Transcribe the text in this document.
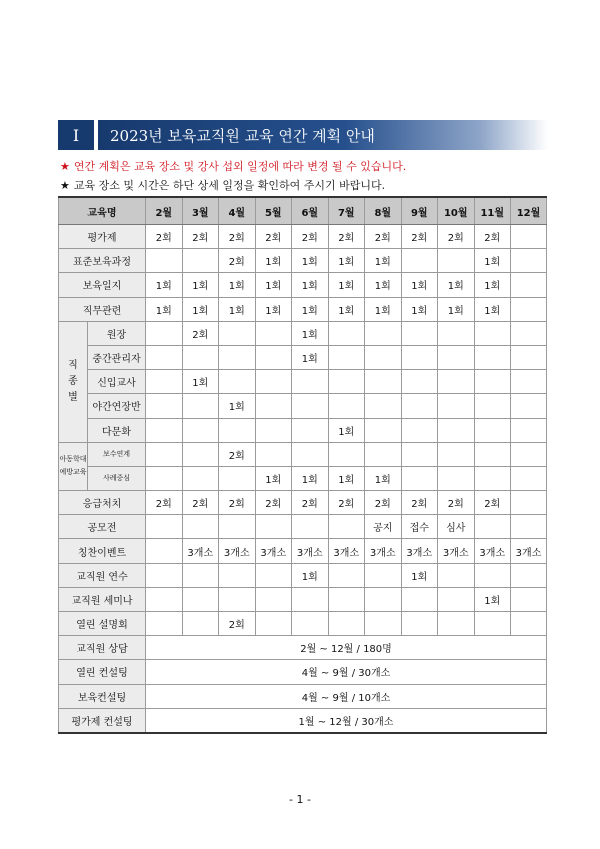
Ⅰ	2023년 보육교직원 교육 연간 계획 안내
★ 연간 계획은 교육 장소 및 강사 섭외 일정에 따라 변경 될 수 있습니다.
★ 교육 장소 및 시간은 하단 상세 일정을 확인하여 주시기 바랍니다.
교육명		2월	3월	4월	5월	6월	7월	8월	9월	10월	11월	12월
평가제		2회	2회	2회	2회	2회	2회	2회	2회	2회	2회	
표준보육과정				2회	1회	1회	1회	1회			1회	
보육일지		1회	1회	1회	1회	1회	1회	1회	1회	1회	1회	
직무관련		1회	1회	1회	1회	1회	1회	1회	1회	1회	1회	
직
종
별	원장		2회			1회						
	중간관리자					1회						
	신입교사		1회									
	야간연장반			1회								
	다문화						1회					
아동학대
예방교육	보수연계			2회								
	사례중심				1회	1회	1회	1회				
응급처치		2회	2회	2회	2회	2회	2회	2회	2회	2회	2회	
공모전								공지	접수	심사		
칭찬이벤트			3개소	3개소	3개소	3개소	3개소	3개소	3개소	3개소	3개소	3개소
교직원 연수						1회			1회			
교직원 세미나											1회	
열린 설명회				2회								
교직원 상담		2월 ~ 12월 / 180명										
열린 컨설팅		4월 ~ 9월 / 30개소										
보육컨설팅		4월 ~ 9월 / 10개소										
평가제 컨설팅		1월 ~ 12월 / 30개소										
- 1 -
